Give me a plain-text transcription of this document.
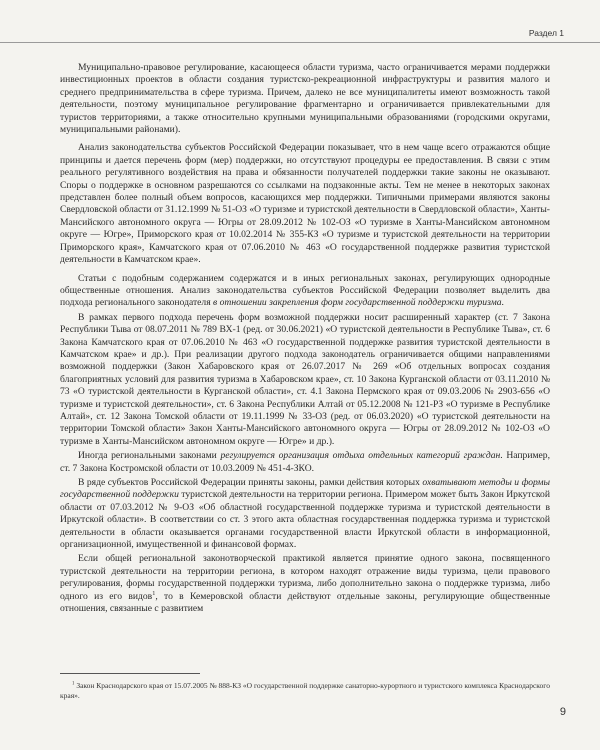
Раздел 1

Муниципально-правовое регулирование, касающееся области туризма, часто ограничивается мерами поддержки инвестиционных проектов в области создания туристско-рекреационной инфраструктуры и развития малого и среднего предпринимательства в сфере туризма. Причем, далеко не все муниципалитеты имеют возможность такой деятельности, поэтому муниципальное регулирование фрагментарно и ограничивается привлекательными для туристов территориями, а также относительно крупными муниципальными образованиями (городскими округами, муниципальными районами).

Анализ законодательства субъектов Российской Федерации показывает, что в нем чаще всего отражаются общие принципы и дается перечень форм (мер) поддержки, но отсутствуют процедуры ее предоставления. В связи с этим реального регулятивного воздействия на права и обязанности получателей поддержки такие законы не оказывают. Споры о поддержке в основном разрешаются со ссылками на подзаконные акты. Тем не менее в некоторых законах представлен более полный объем вопросов, касающихся мер поддержки. Типичными примерами являются законы Свердловской области от 31.12.1999 № 51-ОЗ «О туризме и туристской деятельности в Свердловской области», Ханты-Мансийского автономного округа — Югры от 28.09.2012 № 102-ОЗ «О туризме в Ханты-Мансийском автономном округе — Югре», Приморского края от 10.02.2014 № 355-КЗ «О туризме и туристской деятельности на территории Приморского края», Камчатского края от 07.06.2010 № 463 «О государственной поддержке развития туристской деятельности в Камчатском крае».

Статьи с подобным содержанием содержатся и в иных региональных законах, регулирующих однородные общественные отношения. Анализ законодательства субъектов Российской Федерации позволяет выделить два подхода регионального законодателя в отношении закрепления форм государственной поддержки туризма.

В рамках первого подхода перечень форм возможной поддержки носит расширенный характер (ст. 7 Закона Республики Тыва от 08.07.2011 № 789 ВХ-1 (ред. от 30.06.2021) «О туристской деятельности в Республике Тыва», ст. 6 Закона Камчатского края от 07.06.2010 № 463 «О государственной поддержке развития туристской деятельности в Камчатском крае» и др.). При реализации другого подхода законодатель ограничивается общими направлениями возможной поддержки (Закон Хабаровского края от 26.07.2017 № 269 «Об отдельных вопросах создания благоприятных условий для развития туризма в Хабаровском крае», ст. 10 Закона Курганской области от 03.11.2010 № 73 «О туристской деятельности в Курганской области», ст. 4.1 Закона Пермского края от 09.03.2006 № 2903-656 «О туризме и туристской деятельности», ст. 6 Закона Республики Алтай от 05.12.2008 № 121-РЗ «О туризме в Республике Алтай», ст. 12 Закона Томской области от 19.11.1999 № 33-ОЗ (ред. от 06.03.2020) «О туристской деятельности на территории Томской области» Закон Ханты-Мансийского автономного округа — Югры от 28.09.2012 № 102-ОЗ «О туризме в Ханты-Мансийском автономном округе — Югре» и др.).

Иногда региональными законами регулируется организация отдыха отдельных категорий граждан. Например, ст. 7 Закона Костромской области от 10.03.2009 № 451-4-ЗКО.

В ряде субъектов Российской Федерации приняты законы, рамки действия которых охватывают методы и формы государственной поддержки туристской деятельности на территории региона. Примером может быть Закон Иркутской области от 07.03.2012 № 9-ОЗ «Об областной государственной поддержке туризма и туристской деятельности в Иркутской области». В соответствии со ст. 3 этого акта областная государственная поддержка туризма и туристской деятельности в области оказывается органами государственной власти Иркутской области в информационной, организационной, имущественной и финансовой формах.

Если общей региональной законотворческой практикой является принятие одного закона, посвященного туристской деятельности на территории региона, в котором находят отражение виды туризма, цели правового регулирования, формы государственной поддержки туризма, либо дополнительно закона о поддержке туризма, либо одного из его видов$^1$, то в Кемеровской области действуют отдельные законы, регулирующие общественные отношения, связанные с развитием

$^1$ Закон Краснодарского края от 15.07.2005 № 888-КЗ «О государственной поддержке санаторно-курортного и туристского комплекса Краснодарского края».
9
